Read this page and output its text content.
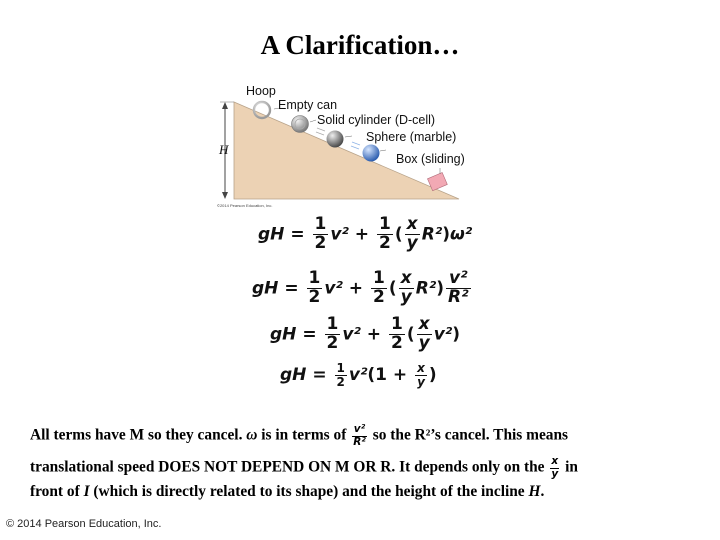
A Clarification…
Hoop
Empty can
Solid cylinder (D-cell)
Sphere (marble)
Box (sliding)
H
©2014 Pearson Education, Inc.
gH = $\frac{1}{2} v^2 + \frac{1}{2}$ ( $\frac{x}{y} R^2)\omega^2$
gH = $\frac{1}{2} v^2 + \frac{1}{2}$ ( $\frac{x}{y} R^2) \frac{\text{v²}}{\text{R²}}$
gH = $\frac{1}{2} v^2 + \frac{1}{2}$ ( $\frac{x}{y} v^2$)
gH = $\frac{1}{2} v^2(1 + \frac{x}{y}$ )
All terms have M so they cancel. ω is in terms of $\frac{\text{v²}}{\text{R²}}$ so the R²’s cancel. This means
translational speed DOES NOT DEPEND ON M OR R. It depends only on the $\frac{x}{y}$ in
front of I (which is directly related to its shape) and the height of the incline H.
© 2014 Pearson Education, Inc.
